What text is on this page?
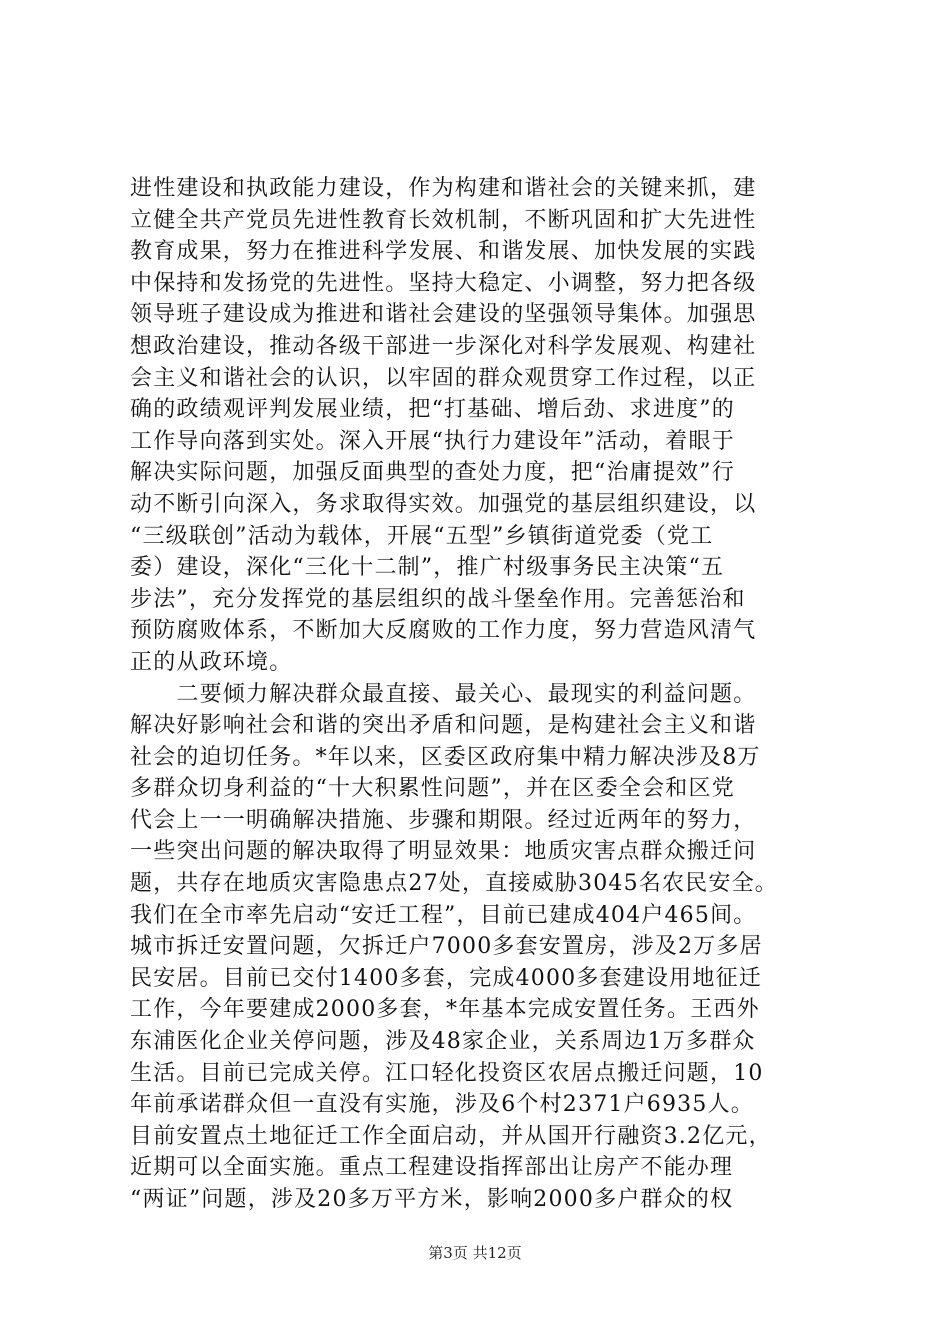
进性建设和执政能力建设，作为构建和谐社会的关键来抓，建
立健全共产党员先进性教育长效机制，不断巩固和扩大先进性
教育成果，努力在推进科学发展、和谐发展、加快发展的实践
中保持和发扬党的先进性。坚持大稳定、小调整，努力把各级
领导班子建设成为推进和谐社会建设的坚强领导集体。加强思
想政治建设，推动各级干部进一步深化对科学发展观、构建社
会主义和谐社会的认识，以牢固的群众观贯穿工作过程，以正
确的政绩观评判发展业绩，把“打基础、增后劲、求进度”的
工作导向落到实处。深入开展“执行力建设年”活动，着眼于
解决实际问题，加强反面典型的查处力度，把“治庸提效”行
动不断引向深入，务求取得实效。加强党的基层组织建设，以
“三级联创”活动为载体，开展“五型”乡镇街道党委（党工
委）建设，深化“三化十二制”，推广村级事务民主决策“五
步法”，充分发挥党的基层组织的战斗堡垒作用。完善惩治和
预防腐败体系，不断加大反腐败的工作力度，努力营造风清气
正的从政环境。
　　二要倾力解决群众最直接、最关心、最现实的利益问题。
解决好影响社会和谐的突出矛盾和问题，是构建社会主义和谐
社会的迫切任务。*年以来，区委区政府集中精力解决涉及8万
多群众切身利益的“十大积累性问题”，并在区委全会和区党
代会上一一明确解决措施、步骤和期限。经过近两年的努力，
一些突出问题的解决取得了明显效果：地质灾害点群众搬迁问
题，共存在地质灾害隐患点27处，直接威胁3045名农民安全。
我们在全市率先启动“安迁工程”，目前已建成404户465间。
城市拆迁安置问题，欠拆迁户7000多套安置房，涉及2万多居
民安居。目前已交付1400多套，完成4000多套建设用地征迁
工作，今年要建成2000多套，*年基本完成安置任务。王西外
东浦医化企业关停问题，涉及48家企业，关系周边1万多群众
生活。目前已完成关停。江口轻化投资区农居点搬迁问题，10
年前承诺群众但一直没有实施，涉及6个村2371户6935人。
目前安置点土地征迁工作全面启动，并从国开行融资3.2亿元，
近期可以全面实施。重点工程建设指挥部出让房产不能办理
“两证”问题，涉及20多万平方米，影响2000多户群众的权
第3页 共12页
